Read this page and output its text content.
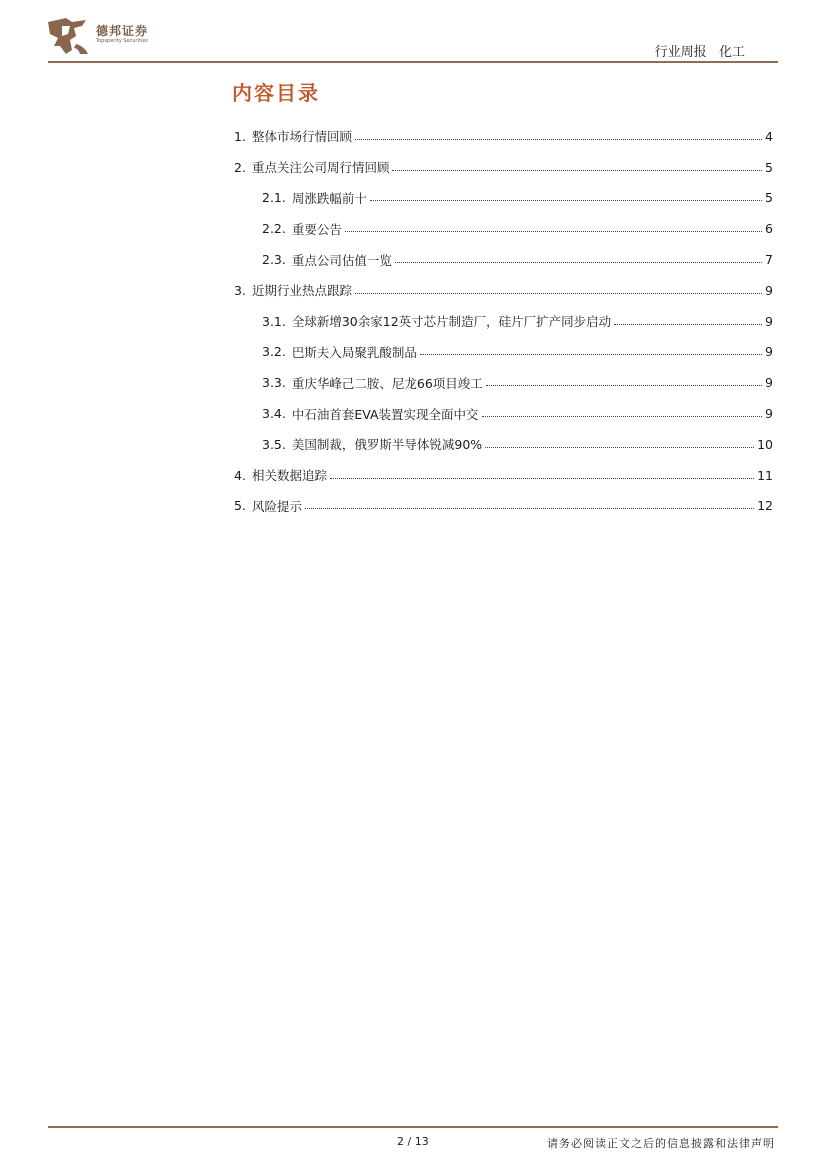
德邦证券
Topsperity Securities
行业周报   化工
内容目录
1. 整体市场行情回顾	4
2. 重点关注公司周行情回顾	5
2.1. 周涨跌幅前十	5
2.2. 重要公告	6
2.3. 重点公司估值一览	7
3. 近期行业热点跟踪	9
3.1. 全球新增30余家12英寸芯片制造厂，硅片厂扩产同步启动	9
3.2. 巴斯夫入局聚乳酸制品	9
3.3. 重庆华峰己二胺、尼龙66项目竣工	9
3.4. 中石油首套EVA装置实现全面中交	9
3.5. 美国制裁，俄罗斯半导体锐减90%	10
4. 相关数据追踪	11
5. 风险提示	12
2 / 13	请务必阅读正文之后的信息披露和法律声明
